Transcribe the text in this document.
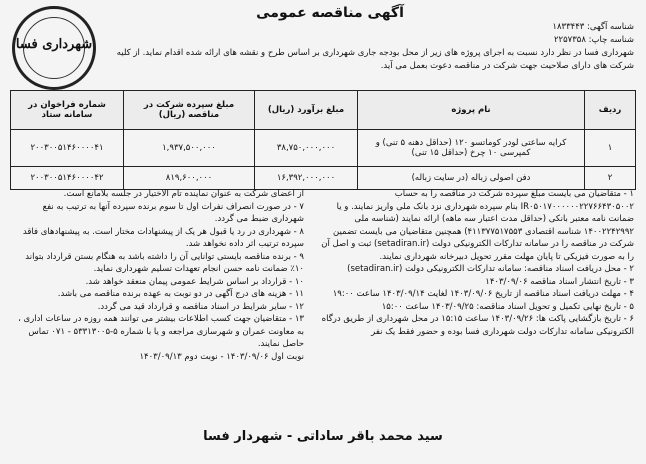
شهرداری فسا
آگهی مناقصه عمومی
شناسه آگهی: ۱۸۳۳۴۴۳
شناسه چاپ: ۲۲۵۷۳۵۸
شهرداری فسا در نظر دارد نسبت به اجرای پروژه های زیر از محل بودجه جاری شهرداری بر اساس طرح و نقشه های ارائه شده اقدام نماید. از کلیه شرکت های دارای صلاحیت جهت شرکت در مناقصه دعوت بعمل می آید.
ردیف	نام پروژه	مبلغ برآورد (ریال)	مبلغ سپرده شرکت در مناقصه (ریال)	شماره فراخوان در سامانه ستاد
۱	کرایه ساعتی لودر کوماتسو ۱۲۰ (حداقل دهنه ۵ تنی) و کمپرسی ۱۰ چرخ (حداقل ۱۵ تنی)	۳۸,۷۵۰,۰۰۰,۰۰۰	۱,۹۳۷,۵۰۰,۰۰۰	۲۰۰۳۰۰۵۱۴۶۰۰۰۰۴۱
۲	دفن اصولی زباله (در سایت زباله)	۱۶,۳۹۲,۰۰۰,۰۰۰	۸۱۹,۶۰۰,۰۰۰	۲۰۰۳۰۰۵۱۴۶۰۰۰۰۴۲

۱ - متقاضیان می بایست مبلغ سپرده شرکت در مناقصه را به حساب IR۰۵۰۱۷۰۰۰۰۰۰۲۲۷۶۶۴۳۰۵۰۰۲ بنام سپرده شهرداری نزد بانک ملی واریز نمایند. و یا ضمانت نامه معتبر بانکی (حداقل مدت اعتبار سه ماهه) ارائه نمایند (شناسه ملی ۱۴۰۰۲۲۴۲۹۹۲ شناسه اقتصادی ۴۱۱۳۷۷۵۱۷۵۵۳) همچنین متقاضیان می بایست تضمین شرکت در مناقصه را در سامانه تدارکات الکترونیکی دولت (setadiran.ir) ثبت و اصل آن را به صورت فیزیکی تا پایان مهلت مقرر تحویل دبیرخانه شهرداری نمایند.

۲ - محل دریافت اسناد مناقصه: سامانه تدارکات الکترونیکی دولت (setadiran.ir)

۳ - تاریخ انتشار اسناد مناقصه ۱۴۰۳/۰۹/۰۶

۴ - مهلت دریافت اسناد مناقصه از تاریخ ۱۴۰۳/۰۹/۰۶ لغایت ۱۴۰۳/۰۹/۱۴ ساعت ۱۹:۰۰

۵ - تاریخ نهایی تکمیل و تحویل اسناد مناقصه: ۱۴۰۳/۰۹/۲۵ ساعت ۱۵:۰۰

۶ - تاریخ بازگشایی پاکت ها: ۱۴۰۳/۰۹/۲۶ ساعت ۱۵:۱۵ در محل شهرداری از طریق درگاه الکترونیکی سامانه تدارکات دولت شهرداری فسا بوده و حضور فقط یک نفر

از اعضای شرکت به عنوان نماینده تام الاختیار در جلسه بلامانع است.

۷ - در صورت انصراف نفرات اول تا سوم برنده سپرده آنها به ترتیب به نفع شهرداری ضبط می گردد.

۸ - شهرداری در رد یا قبول هر یک از پیشنهادات مختار است. به پیشنهادهای فاقد سپرده ترتیب اثر داده نخواهد شد.

۹ - برنده مناقصه بایستی توانایی آن را داشته باشد به هنگام بستن قرارداد بتواند ۱۰٪ ضمانت نامه حسن انجام تعهدات تسلیم شهرداری نماید.

۱۰ - قرارداد بر اساس شرایط عمومی پیمان منعقد خواهد شد.

۱۱ - هزینه های درج آگهی در دو نوبت به عهده برنده مناقصه می باشد.

۱۲ - سایر شرایط در اسناد مناقصه و قرارداد قید می گردد.

۱۳ - متقاضیان جهت کسب اطلاعات بیشتر می توانند همه روزه در ساعات اداری ، به معاونت عمران و شهرسازی مراجعه و یا با شماره ۵-۵۳۳۱۳۰۰۵ - ۰۷۱ تماس حاصل نمایند.

نوبت اول ۱۴۰۳/۰۹/۰۶ - نوبت دوم ۱۴۰۳/۰۹/۱۳

سید محمد باقر ساداتی - شهردار فسا
